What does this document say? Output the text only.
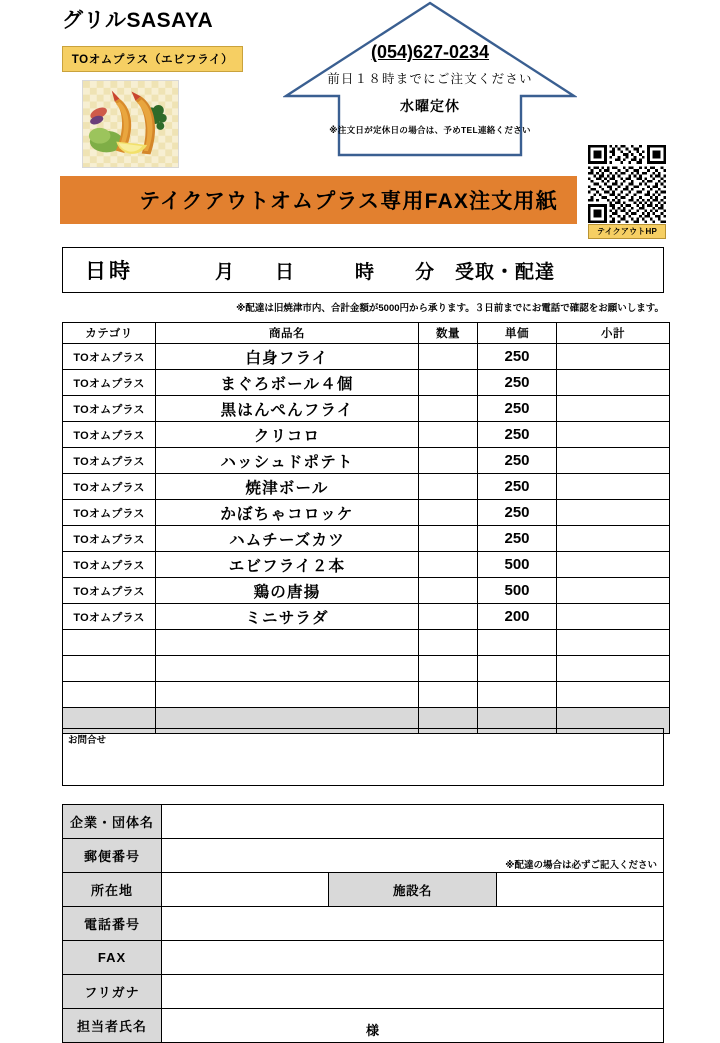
グリルSASAYA
TOオムプラス（エビフライ）	(054)627-0234
前日１８時までにご注文ください
水曜定休
※注文日が定休日の場合は、予めTEL連絡ください
テイクアウトHP
テイクアウトオムプラス専用FAX注文用紙
日時	月　　日　　　時　　分　受取・配達
※配達は旧焼津市内、合計金額が5000円から承ります。３日前までにお電話で確認をお願いします。
カテゴリ	商品名	数量	単価	小計
TOオムプラス	白身フライ		250	
TOオムプラス	まぐろボール４個		250	
TOオムプラス	黒はんぺんフライ		250	
TOオムプラス	クリコロ		250	
TOオムプラス	ハッシュドポテト		250	
TOオムプラス	焼津ボール		250	
TOオムプラス	かぼちゃコロッケ		250	
TOオムプラス	ハムチーズカツ		250	
TOオムプラス	エビフライ２本		500	
TOオムプラス	鶏の唐揚		500	
TOオムプラス	ミニサラダ		200	

お問合せ
企業・団体名			
郵便番号	※配達の場合は必ずご記入ください		

所在地		施設名	
電話番号			
FAX			
フリガナ			
担当者氏名	様		
